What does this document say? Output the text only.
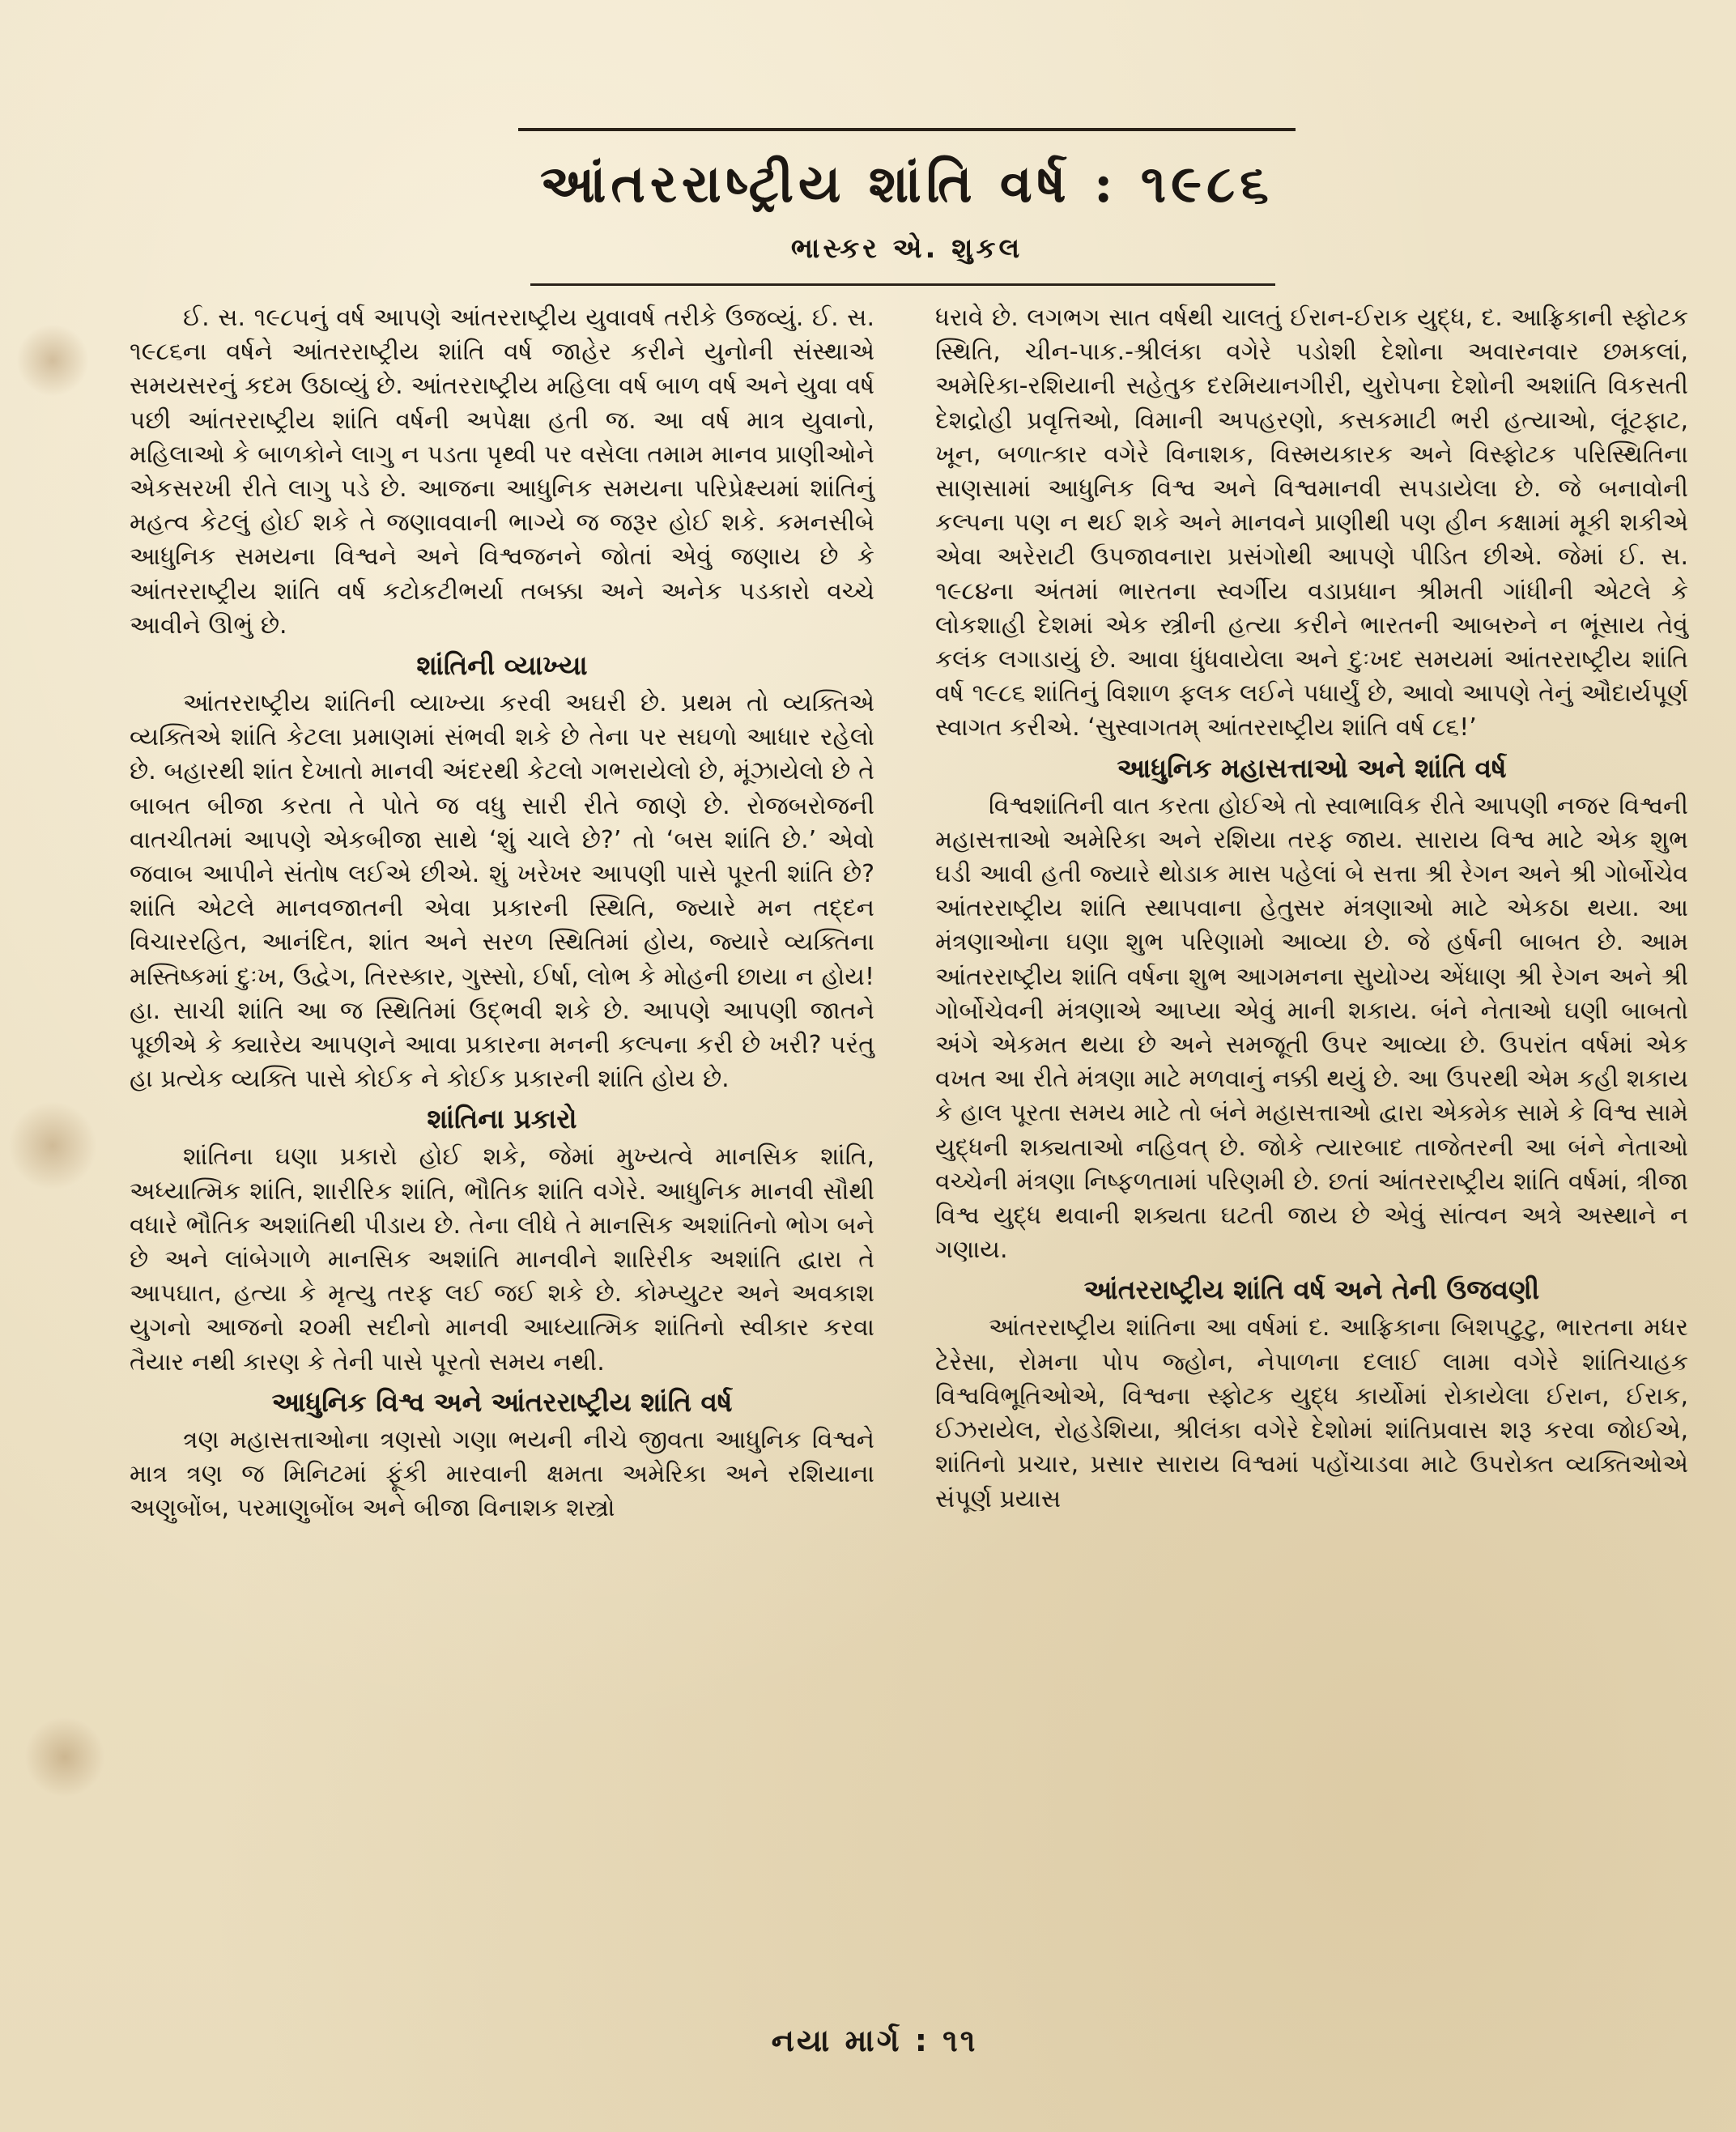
આંતરરાષ્ટ્રીય શાંતિ વર્ષ : ૧૯૮૬
ભાસ્કર એ. શુકલ

ઈ. સ. ૧૯૮૫નું વર્ષ આપણે આંતરરાષ્ટ્રીય યુવાવર્ષ તરીકે ઉજવ્યું. ઈ. સ. ૧૯૮૬ના વર્ષને આંતરરાષ્ટ્રીય શાંતિ વર્ષ જાહેર કરીને યુનોની સંસ્થાએ સમયસરનું કદમ ઉઠાવ્યું છે. આંતરરાષ્ટ્રીય મહિલા વર્ષ બાળ વર્ષ અને યુવા વર્ષ પછી આંતરરાષ્ટ્રીય શાંતિ વર્ષની અપેક્ષા હતી જ. આ વર્ષ માત્ર યુવાનો, મહિલાઓ કે બાળકોને લાગુ ન પડતા પૃથ્વી પર વસેલા તમામ માનવ પ્રાણીઓને એકસરખી રીતે લાગુ પડે છે. આજના આધુનિક સમયના પરિપ્રેક્ષ્યમાં શાંતિનું મહત્વ કેટલું હોઈ શકે તે જણાવવાની ભાગ્યે જ જરૂર હોઈ શકે. કમનસીબે આધુનિક સમયના વિશ્વને અને વિશ્વજનને જોતાં એવું જણાય છે કે આંતરરાષ્ટ્રીય શાંતિ વર્ષ કટોકટીભર્યા તબક્કા અને અનેક પડકારો વચ્ચે આવીને ઊભું છે.

શાંતિની વ્યાખ્યા

આંતરરાષ્ટ્રીય શાંતિની વ્યાખ્યા કરવી અઘરી છે. પ્રથમ તો વ્યક્તિએ વ્યક્તિએ શાંતિ કેટલા પ્રમાણમાં સંભવી શકે છે તેના પર સઘળો આધાર રહેલો છે. બહારથી શાંત દેખાતો માનવી અંદરથી કેટલો ગભરાયેલો છે, મૂંઝાયેલો છે તે બાબત બીજા કરતા તે પોતે જ વધુ સારી રીતે જાણે છે. રોજબરોજની વાતચીતમાં આપણે એકબીજા સાથે ‘શું ચાલે છે?’ તો ‘બસ શાંતિ છે.’ એવો જવાબ આપીને સંતોષ લઈએ છીએ. શું ખરેખર આપણી પાસે પૂરતી શાંતિ છે? શાંતિ એટલે માનવજાતની એવા પ્રકારની સ્થિતિ, જ્યારે મન તદ્દન વિચારરહિત, આનંદિત, શાંત અને સરળ સ્થિતિમાં હોય, જ્યારે વ્યક્તિના મસ્તિષ્કમાં દુઃખ, ઉદ્વેગ, તિરસ્કાર, ગુસ્સો, ઈર્ષા, લોભ કે મોહની છાયા ન હોય! હા. સાચી શાંતિ આ જ સ્થિતિમાં ઉદ્ભવી શકે છે. આપણે આપણી જાતને પૂછીએ કે ક્યારેય આપણને આવા પ્રકારના મનની કલ્પના કરી છે ખરી? પરંતુ હા પ્રત્યેક વ્યક્તિ પાસે કોઈક ને કોઈક પ્રકારની શાંતિ હોય છે.

શાંતિના પ્રકારો

શાંતિના ઘણા પ્રકારો હોઈ શકે, જેમાં મુખ્યત્વે માનસિક શાંતિ, અધ્યાત્મિક શાંતિ, શારીરિક શાંતિ, ભૌતિક શાંતિ વગેરે. આધુનિક માનવી સૌથી વધારે ભૌતિક અશાંતિથી પીડાય છે. તેના લીધે તે માનસિક અશાંતિનો ભોગ બને છે અને લાંબેગાળે માનસિક અશાંતિ માનવીને શારિરીક અશાંતિ દ્વારા તે આપઘાત, હત્યા કે મૃત્યુ તરફ લઈ જઈ શકે છે. કોમ્પ્યુટર અને અવકાશ યુગનો આજનો ૨૦મી સદીનો માનવી આધ્યાત્મિક શાંતિનો સ્વીકાર કરવા તૈયાર નથી કારણ કે તેની પાસે પૂરતો સમય નથી.

આધુનિક વિશ્વ અને આંતરરાષ્ટ્રીય શાંતિ વર્ષ

ત્રણ મહાસત્તાઓના ત્રણસો ગણા ભયની નીચે જીવતા આધુનિક વિશ્વને માત્ર ત્રણ જ મિનિટમાં ફૂંકી મારવાની ક્ષમતા અમેરિકા અને રશિયાના અણુબોંબ, પરમાણુબોંબ અને બીજા વિનાશક શસ્ત્રો

ધરાવે છે. લગભગ સાત વર્ષથી ચાલતું ઈરાન-ઈરાક યુદ્ધ, દ. આફ્રિકાની સ્ફોટક સ્થિતિ, ચીન-પાક.-શ્રીલંકા વગેરે પડોશી દેશોના અવારનવાર છમકલાં, અમેરિકા-રશિયાની સહેતુક દરમિયાનગીરી, યુરોપના દેશોની અશાંતિ વિકસતી દેશદ્રોહી પ્રવૃત્તિઓ, વિમાની અપહરણો, કસકમાટી ભરી હત્યાઓ, લૂંટફાટ, ખૂન, બળાત્કાર વગેરે વિનાશક, વિસ્મયકારક અને વિસ્ફોટક પરિસ્થિતિના સાણસામાં આધુનિક વિશ્વ અને વિશ્વમાનવી સપડાયેલા છે. જે બનાવોની કલ્પના પણ ન થઈ શકે અને માનવને પ્રાણીથી પણ હીન કક્ષામાં મૂકી શકીએ એવા અરેરાટી ઉપજાવનારા પ્રસંગોથી આપણે પીડિત છીએ. જેમાં ઈ. સ. ૧૯૮૪ના અંતમાં ભારતના સ્વર્ગીય વડાપ્રધાન શ્રીમતી ગાંધીની એટલે કે લોકશાહી દેશમાં એક સ્ત્રીની હત્યા કરીને ભારતની આબરુને ન ભૂંસાય તેવું કલંક લગાડાયું છે. આવા ધુંધવાયેલા અને દુઃખદ સમયમાં આંતરરાષ્ટ્રીય શાંતિ વર્ષ ૧૯૮૬ શાંતિનું વિશાળ ફલક લઈને પધાર્યું છે, આવો આપણે તેનું ઔદાર્યપૂર્ણ સ્વાગત કરીએ. ‘સુસ્વાગતમ્ આંતરરાષ્ટ્રીય શાંતિ વર્ષ ૮૬!’

આધુનિક મહાસત્તાઓ અને શાંતિ વર્ષ

વિશ્વશાંતિની વાત કરતા હોઈએ તો સ્વાભાવિક રીતે આપણી નજર વિશ્વની મહાસત્તાઓ અમેરિકા અને રશિયા તરફ જાય. સારાય વિશ્વ માટે એક શુભ ઘડી આવી હતી જ્યારે થોડાક માસ પહેલાં બે સત્તા શ્રી રેગન અને શ્રી ગોર્બોચેવ આંતરરાષ્ટ્રીય શાંતિ સ્થાપવાના હેતુસર મંત્રણાઓ માટે એકઠા થયા. આ મંત્રણાઓના ઘણા શુભ પરિણામો આવ્યા છે. જે હર્ષની બાબત છે. આમ આંતરરાષ્ટ્રીય શાંતિ વર્ષના શુભ આગમનના સુયોગ્ય એંધાણ શ્રી રેગન અને શ્રી ગોર્બોચેવની મંત્રણાએ આપ્યા એવું માની શકાય. બંને નેતાઓ ઘણી બાબતો અંગે એકમત થયા છે અને સમજૂતી ઉપર આવ્યા છે. ઉપરાંત વર્ષમાં એક વખત આ રીતે મંત્રણા માટે મળવાનું નક્કી થયું છે. આ ઉપરથી એમ કહી શકાય કે હાલ પૂરતા સમય માટે તો બંને મહાસત્તાઓ દ્વારા એકમેક સામે કે વિશ્વ સામે યુદ્ધની શક્યતાઓ નહિવત્ છે. જોકે ત્યારબાદ તાજેતરની આ બંને નેતાઓ વચ્ચેની મંત્રણા નિષ્ફળતામાં પરિણમી છે. છતાં આંતરરાષ્ટ્રીય શાંતિ વર્ષમાં, ત્રીજા વિશ્વ યુદ્ધ થવાની શક્યતા ઘટતી જાય છે એવું સાંત્વન અત્રે અસ્થાને ન ગણાય.

આંતરરાષ્ટ્રીય શાંતિ વર્ષ અને તેની ઉજવણી

આંતરરાષ્ટ્રીય શાંતિના આ વર્ષમાં દ. આફ્રિકાના બિશપટુટુ, ભારતના મધર ટેરેસા, રોમના પોપ જ્હોન, નેપાળના દલાઈ લામા વગેરે શાંતિચાહક વિશ્વવિભૂતિઓએ, વિશ્વના સ્ફોટક યુદ્ધ કાર્યોમાં રોકાયેલા ઈરાન, ઈરાક, ઈઝરાયેલ, રોહડેશિયા, શ્રીલંકા વગેરે દેશોમાં શાંતિપ્રવાસ શરૂ કરવા જોઈએ, શાંતિનો પ્રચાર, પ્રસાર સારાય વિશ્વમાં પહોંચાડવા માટે ઉપરોક્ત વ્યક્તિઓએ સંપૂર્ણ પ્રયાસ

નયા માર્ગ : ૧૧
